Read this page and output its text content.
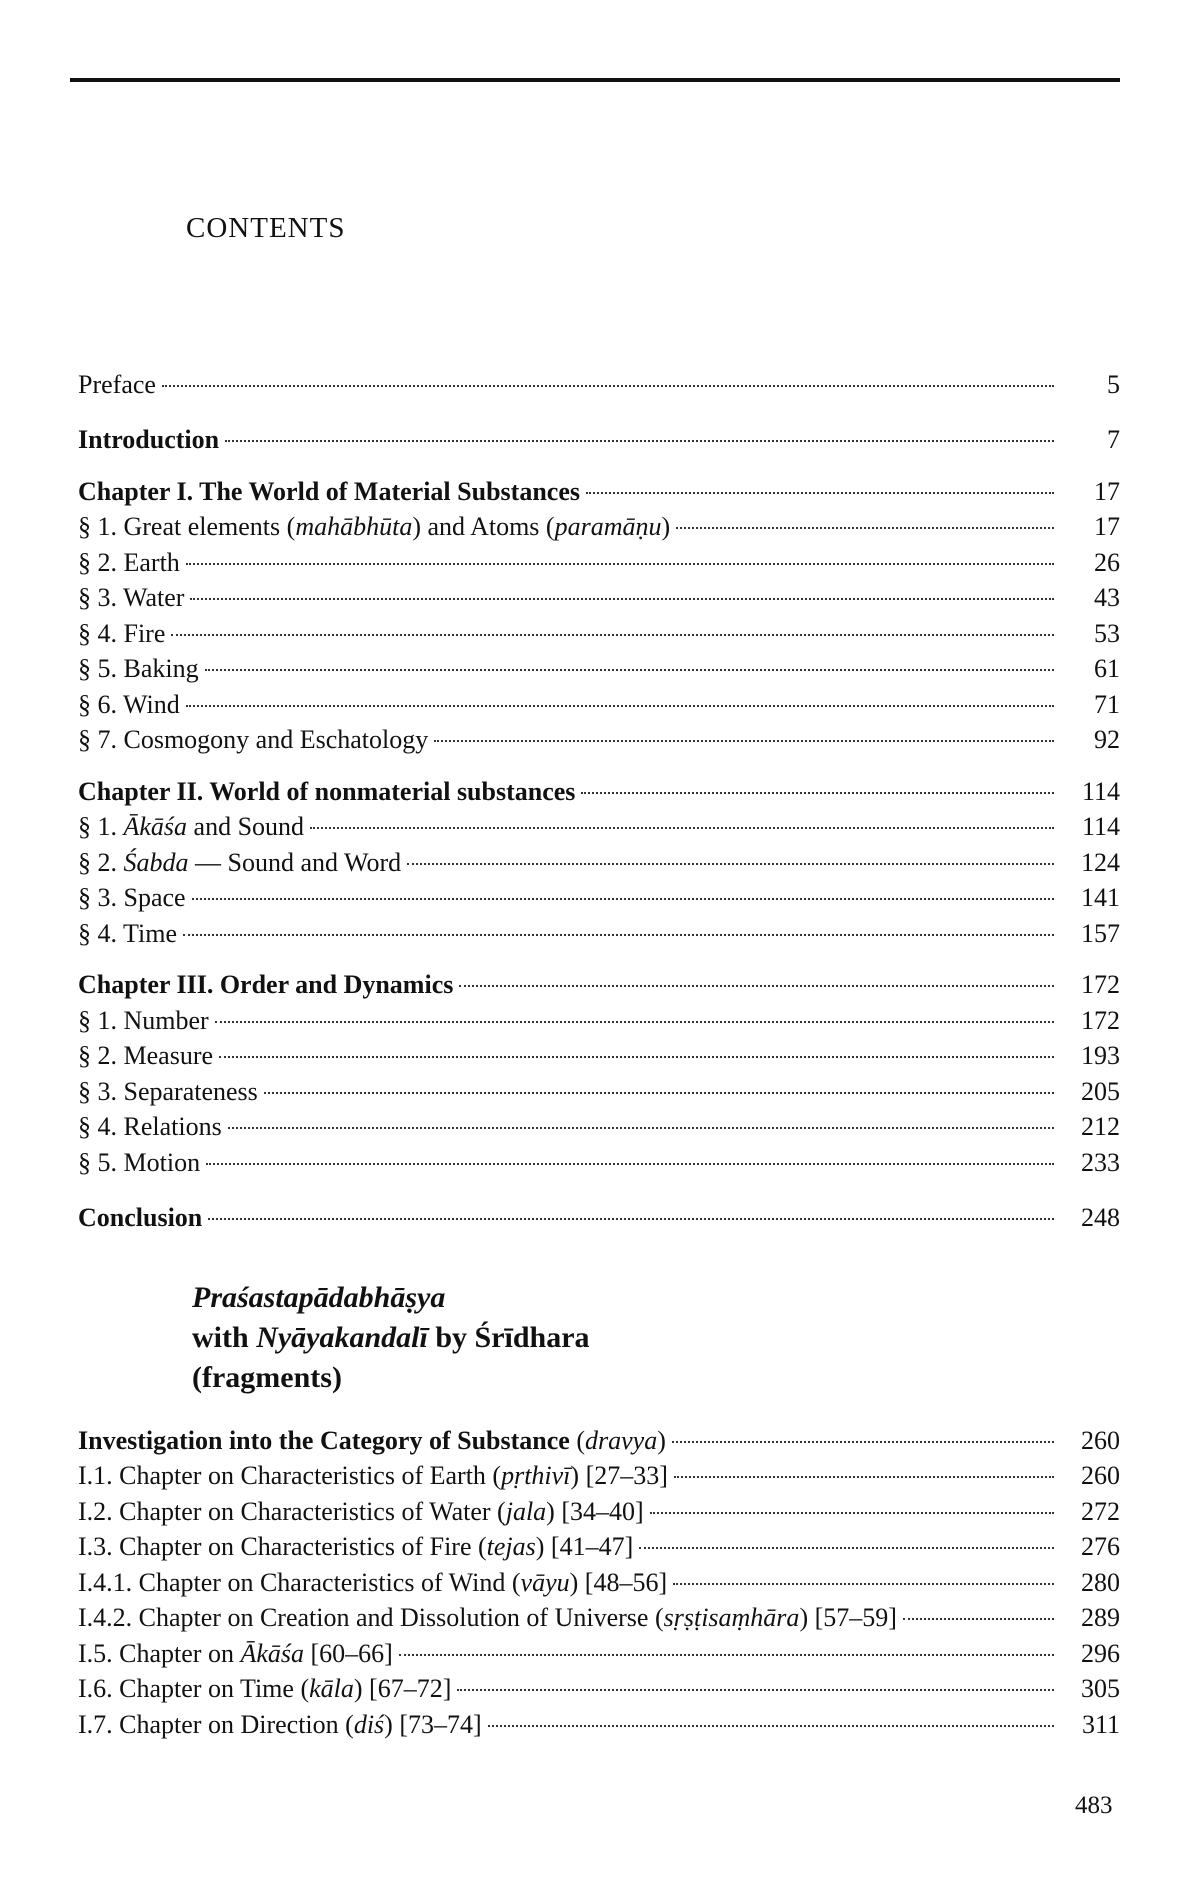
CONTENTS
Preface	5
Introduction	7
Chapter I. The World of Material Substances	17
§ 1. Great elements (mahābhūta) and Atoms (paramāṇu)	17
§ 2. Earth	26
§ 3. Water	43
§ 4. Fire	53
§ 5. Baking	61
§ 6. Wind	71
§ 7. Cosmogony and Eschatology	92
Chapter II. World of nonmaterial substances	114
§ 1. Ākāśa and Sound	114
§ 2. Śabda — Sound and Word	124
§ 3. Space	141
§ 4. Time	157
Chapter III. Order and Dynamics	172
§ 1. Number	172
§ 2. Measure	193
§ 3. Separateness	205
§ 4. Relations	212
§ 5. Motion	233
Conclusion	248
Praśastapādabhāṣya
with Nyāyakandalī by Śrīdhara
(fragments)
Investigation into the Category of Substance (dravya)	260
I.1. Chapter on Characteristics of Earth (pṛthivī) [27–33]	260
I.2. Chapter on Characteristics of Water (jala) [34–40]	272
I.3. Chapter on Characteristics of Fire (tejas) [41–47]	276
I.4.1. Chapter on Characteristics of Wind (vāyu) [48–56]	280
I.4.2. Chapter on Creation and Dissolution of Universe (sṛṣṭisaṃhāra) [57–59]	289
I.5. Chapter on Ākāśa [60–66]	296
I.6. Chapter on Time (kāla) [67–72]	305
I.7. Chapter on Direction (diś) [73–74]	311
483
